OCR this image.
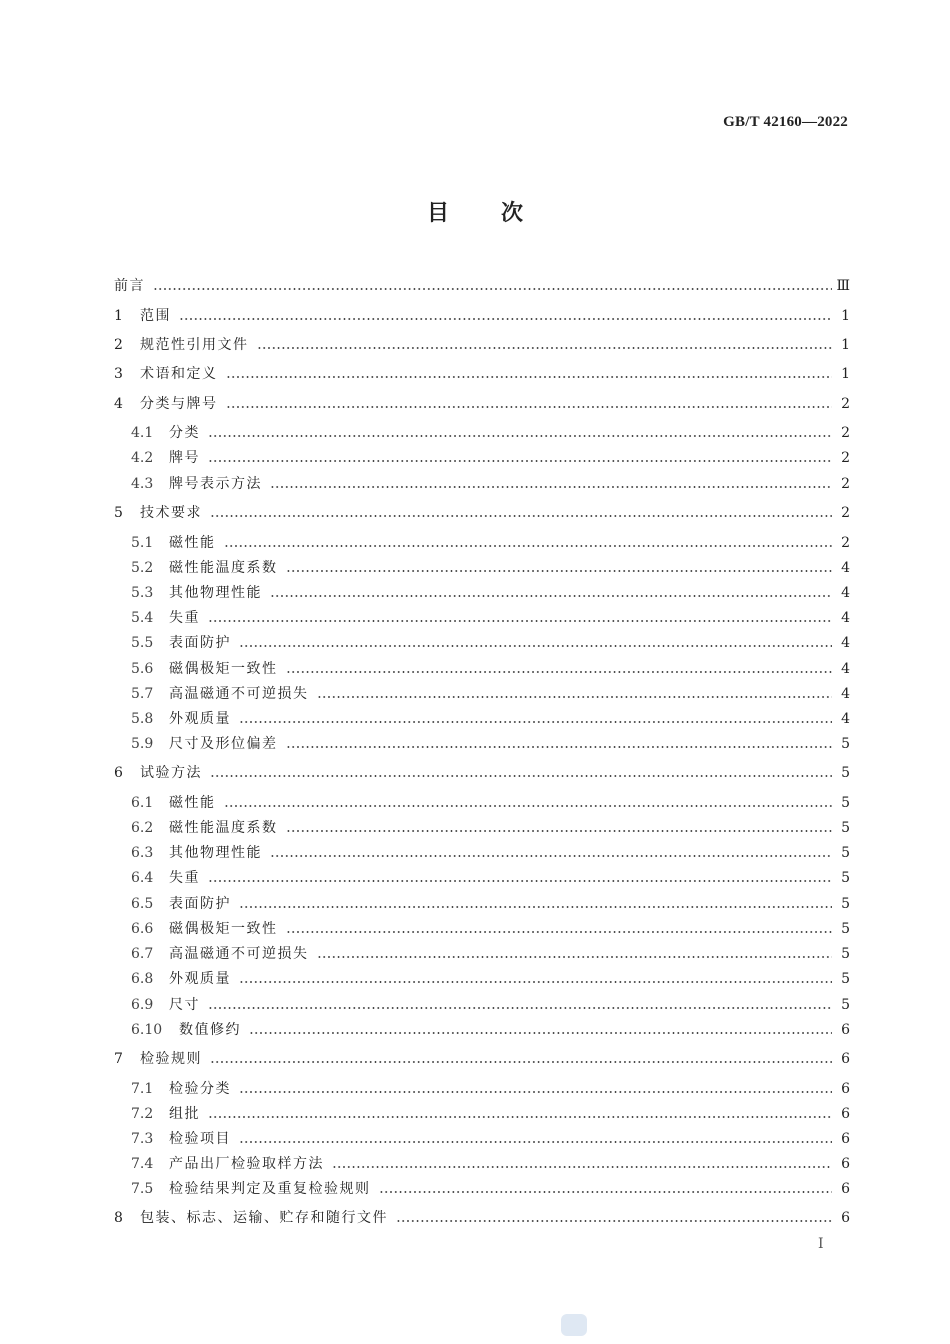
GB/T 42160—2022
目 次
前言	Ⅲ
1	范围	1
2	规范性引用文件	1
3	术语和定义	1
4	分类与牌号	2
4.1	分类	2
4.2	牌号	2
4.3	牌号表示方法	2
5	技术要求	2
5.1	磁性能	2
5.2	磁性能温度系数	4
5.3	其他物理性能	4
5.4	失重	4
5.5	表面防护	4
5.6	磁偶极矩一致性	4
5.7	高温磁通不可逆损失	4
5.8	外观质量	4
5.9	尺寸及形位偏差	5
6	试验方法	5
6.1	磁性能	5
6.2	磁性能温度系数	5
6.3	其他物理性能	5
6.4	失重	5
6.5	表面防护	5
6.6	磁偶极矩一致性	5
6.7	高温磁通不可逆损失	5
6.8	外观质量	5
6.9	尺寸	5
6.10	数值修约	6
7	检验规则	6
7.1	检验分类	6
7.2	组批	6
7.3	检验项目	6
7.4	产品出厂检验取样方法	6
7.5	检验结果判定及重复检验规则	6
8	包装、标志、运输、贮存和随行文件	6
Ⅰ
